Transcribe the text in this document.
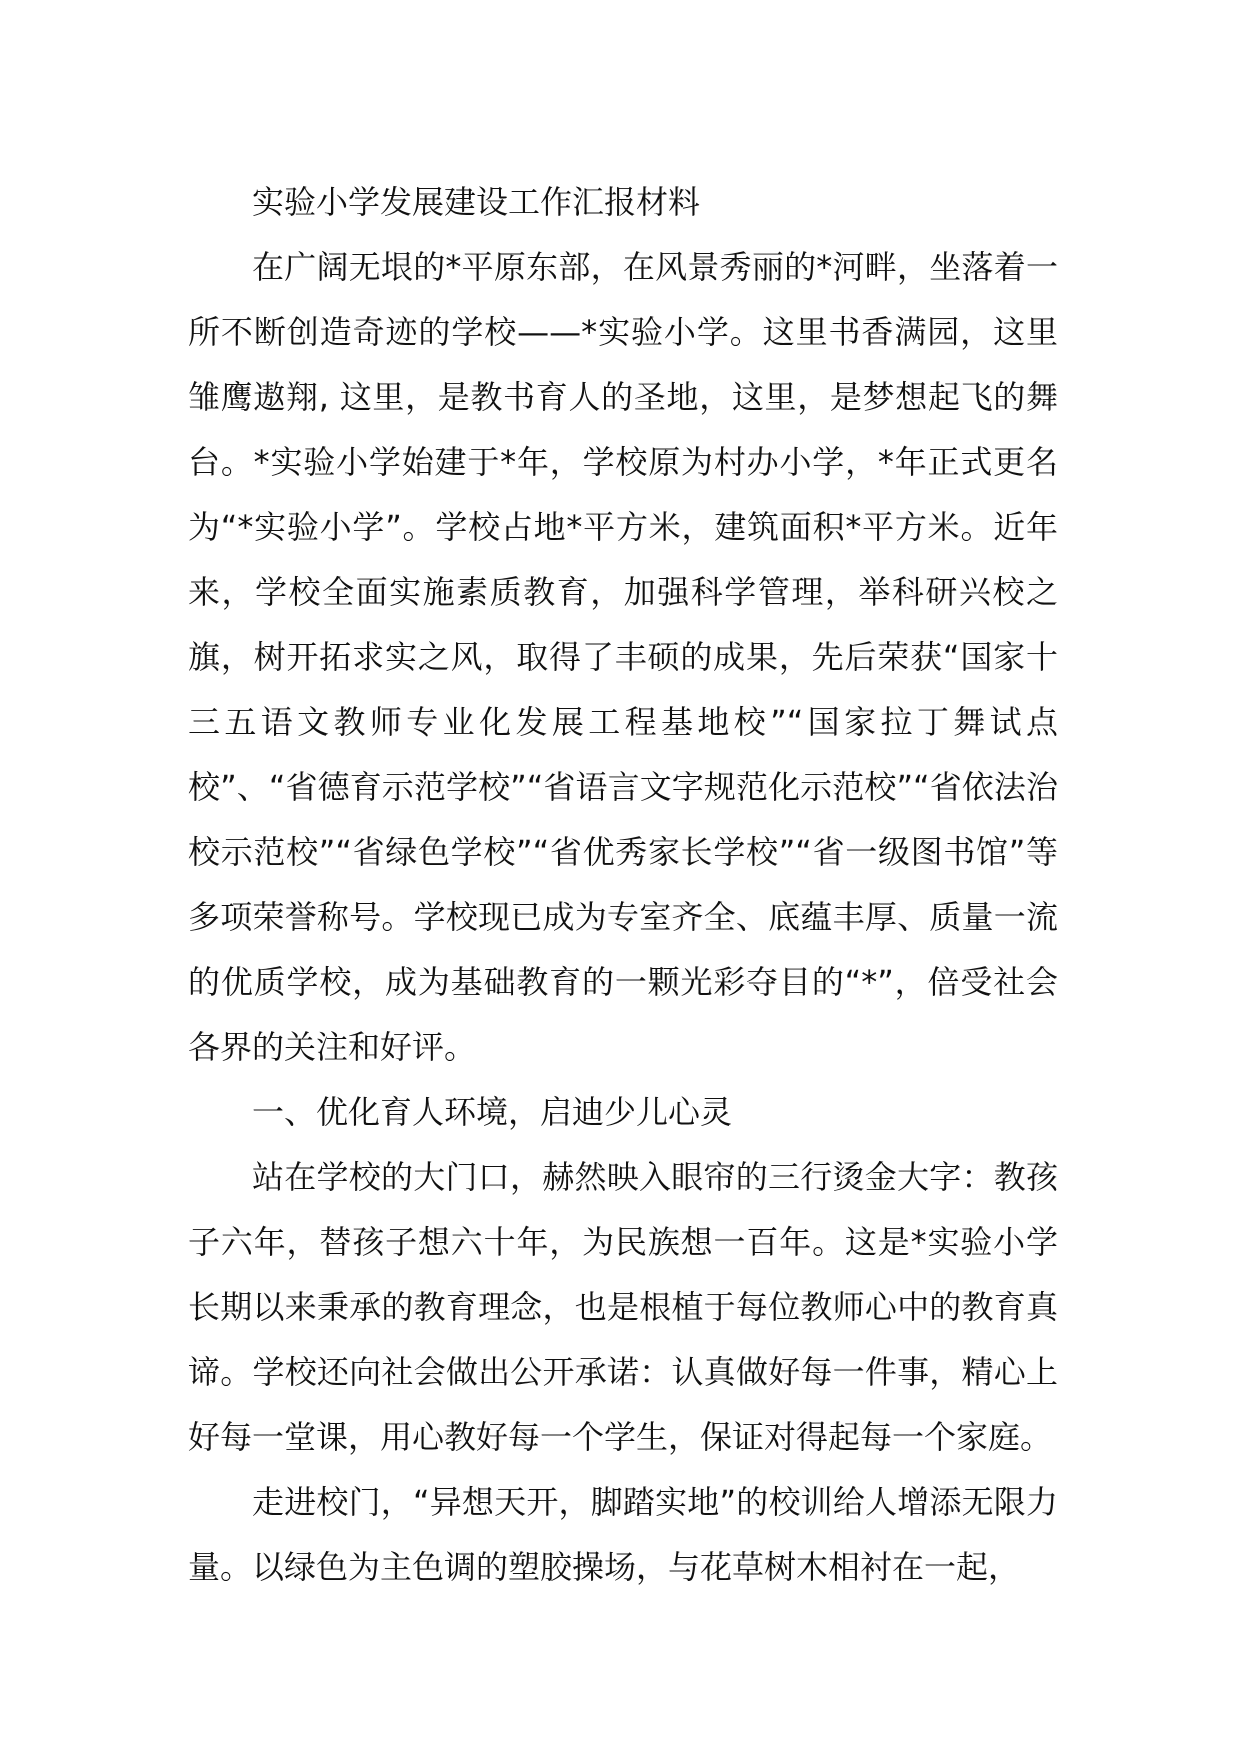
实验小学发展建设工作汇报材料

在广阔无垠的*平原东部，在风景秀丽的*河畔，坐落着一所不断创造奇迹的学校——*实验小学。这里书香满园，这里雏鹰遨翔, 这里，是教书育人的圣地，这里，是梦想起飞的舞台。*实验小学始建于*年，学校原为村办小学，*年正式更名为“*实验小学”。学校占地*平方米，建筑面积*平方米。近年来，学校全面实施素质教育，加强科学管理，举科研兴校之旗，树开拓求实之风，取得了丰硕的成果，先后荣获“国家十三五语文教师专业化发展工程基地校”“国家拉丁舞试点校”、“省德育示范学校”“省语言文字规范化示范校”“省依法治校示范校”“省绿色学校”“省优秀家长学校”“省一级图书馆”等多项荣誉称号。学校现已成为专室齐全、底蕴丰厚、质量一流的优质学校，成为基础教育的一颗光彩夺目的“*”，倍受社会各界的关注和好评。

一、优化育人环境，启迪少儿心灵

站在学校的大门口，赫然映入眼帘的三行烫金大字：教孩子六年，替孩子想六十年，为民族想一百年。这是*实验小学长期以来秉承的教育理念，也是根植于每位教师心中的教育真谛。学校还向社会做出公开承诺：认真做好每一件事，精心上好每一堂课，用心教好每一个学生，保证对得起每一个家庭。

走进校门，“异想天开，脚踏实地”的校训给人增添无限力量。以绿色为主色调的塑胶操场，与花草树木相衬在一起，
